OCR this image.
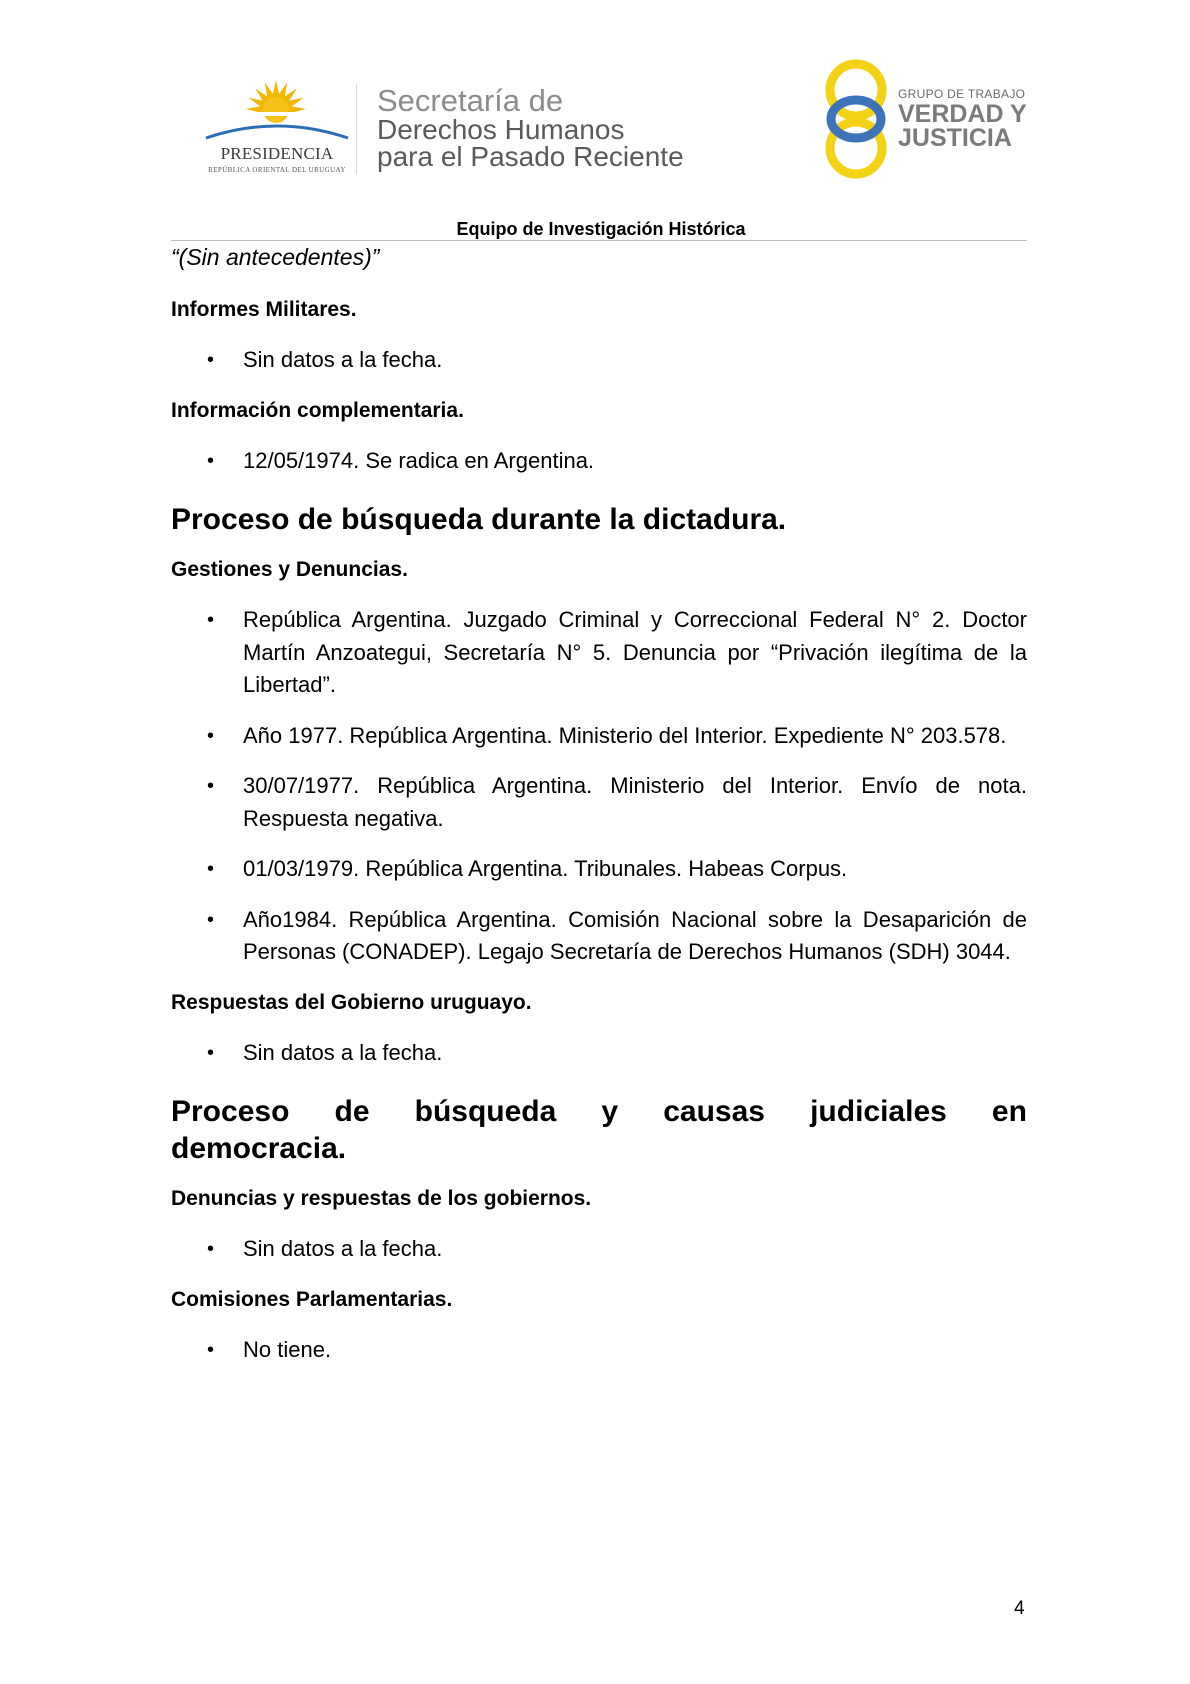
PRESIDENCIA
REPÚBLICA ORIENTAL DEL URUGUAY
Secretaría de
Derechos Humanos
para el Pasado Reciente
GRUPO DE TRABAJO
VERDAD Y
JUSTICIA
Equipo de Investigación Histórica

“(Sin antecedentes)”

Informes Militares.
• Sin datos a la fecha.
Información complementaria.
• 12/05/1974. Se radica en Argentina.
Proceso de búsqueda durante la dictadura.
Gestiones y Denuncias.
• República Argentina. Juzgado Criminal y Correccional Federal N° 2. Doctor Martín Anzoategui, Secretaría N° 5. Denuncia por “Privación ilegítima de la Libertad”.
• Año 1977. República Argentina. Ministerio del Interior. Expediente N° 203.578.
• 30/07/1977. República Argentina. Ministerio del Interior. Envío de nota. Respuesta negativa.
• 01/03/1979. República Argentina. Tribunales. Habeas Corpus.
• Año1984. República Argentina. Comisión Nacional sobre la Desaparición de Personas (CONADEP). Legajo Secretaría de Derechos Humanos (SDH) 3044.
Respuestas del Gobierno uruguayo.
• Sin datos a la fecha.
Proceso de búsqueda y causas judiciales en
democracia.
Denuncias y respuestas de los gobiernos.
• Sin datos a la fecha.
Comisiones Parlamentarias.
• No tiene.
4
